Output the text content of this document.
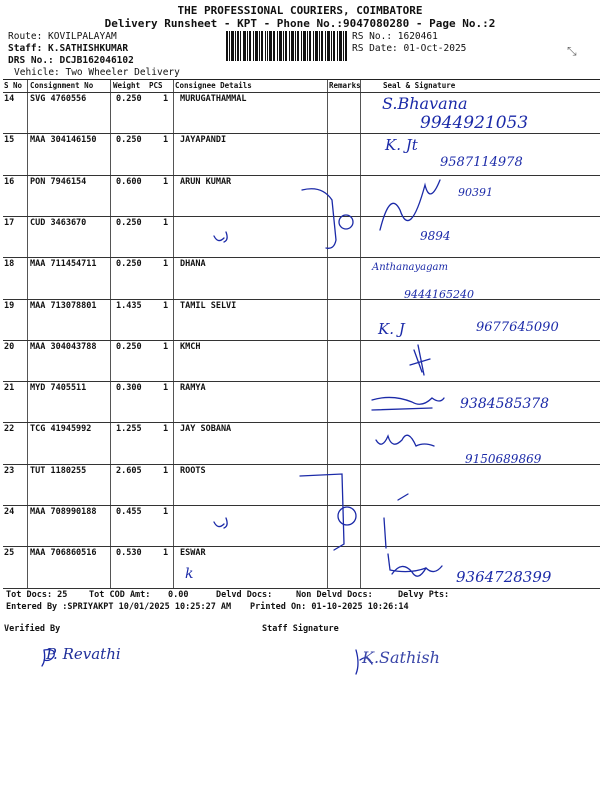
THE PROFESSIONAL COURIERS, COIMBATORE
Delivery Runsheet - KPT - Phone No.:9047080280 - Page No.:2
Route: KOVILPALAYAM
Staff: K.SATHISHKUMAR
DRS No.: DCJB162046102
Vehicle: Two Wheeler Delivery
RS No.: 1620461
RS Date: 01-Oct-2025	⤡
S No Consignment No	Weight PCS Consignee Details	Remarks	Seal & Signature
14 SVG 4760556	0.250	1 MURUGATHAMMAL
15 MAA 304146150 0.250	1 JAYAPANDI
16 PON 7946154	0.600	1 ARUN KUMAR
17 CUD 3463670	0.250	1
18 MAA 711454711 0.250	1 DHANA
19 MAA 713078801 1.435	1 TAMIL SELVI
20 MAA 304043788 0.250	1 KMCH
21 MYD 7405511	0.300	1 RAMYA
22 TCG 41945992	1.255	1 JAY SOBANA
23 TUT 1180255	2.605	1 ROOTS
24 MAA 708990188 0.455	1
25 MAA 706860516 0.530	1 ESWAR
S.Bhavana
9944921053
K. Jt
9587114978
90391
9894
Anthanayagam
9444165240
K. J	9677645090
9384585378
9150689869
9364728399
k
Tot Docs: 25	Tot COD Amt: 0.00	Delvd Docs:	Non Delvd Docs:	Delvy Pts:
Entered By :SPRIYAKPT 10/01/2025 10:25:27 AM Printed On: 01-10-2025 10:26:14
Verified By	Staff Signature
P. Revathi	K.Sathish
